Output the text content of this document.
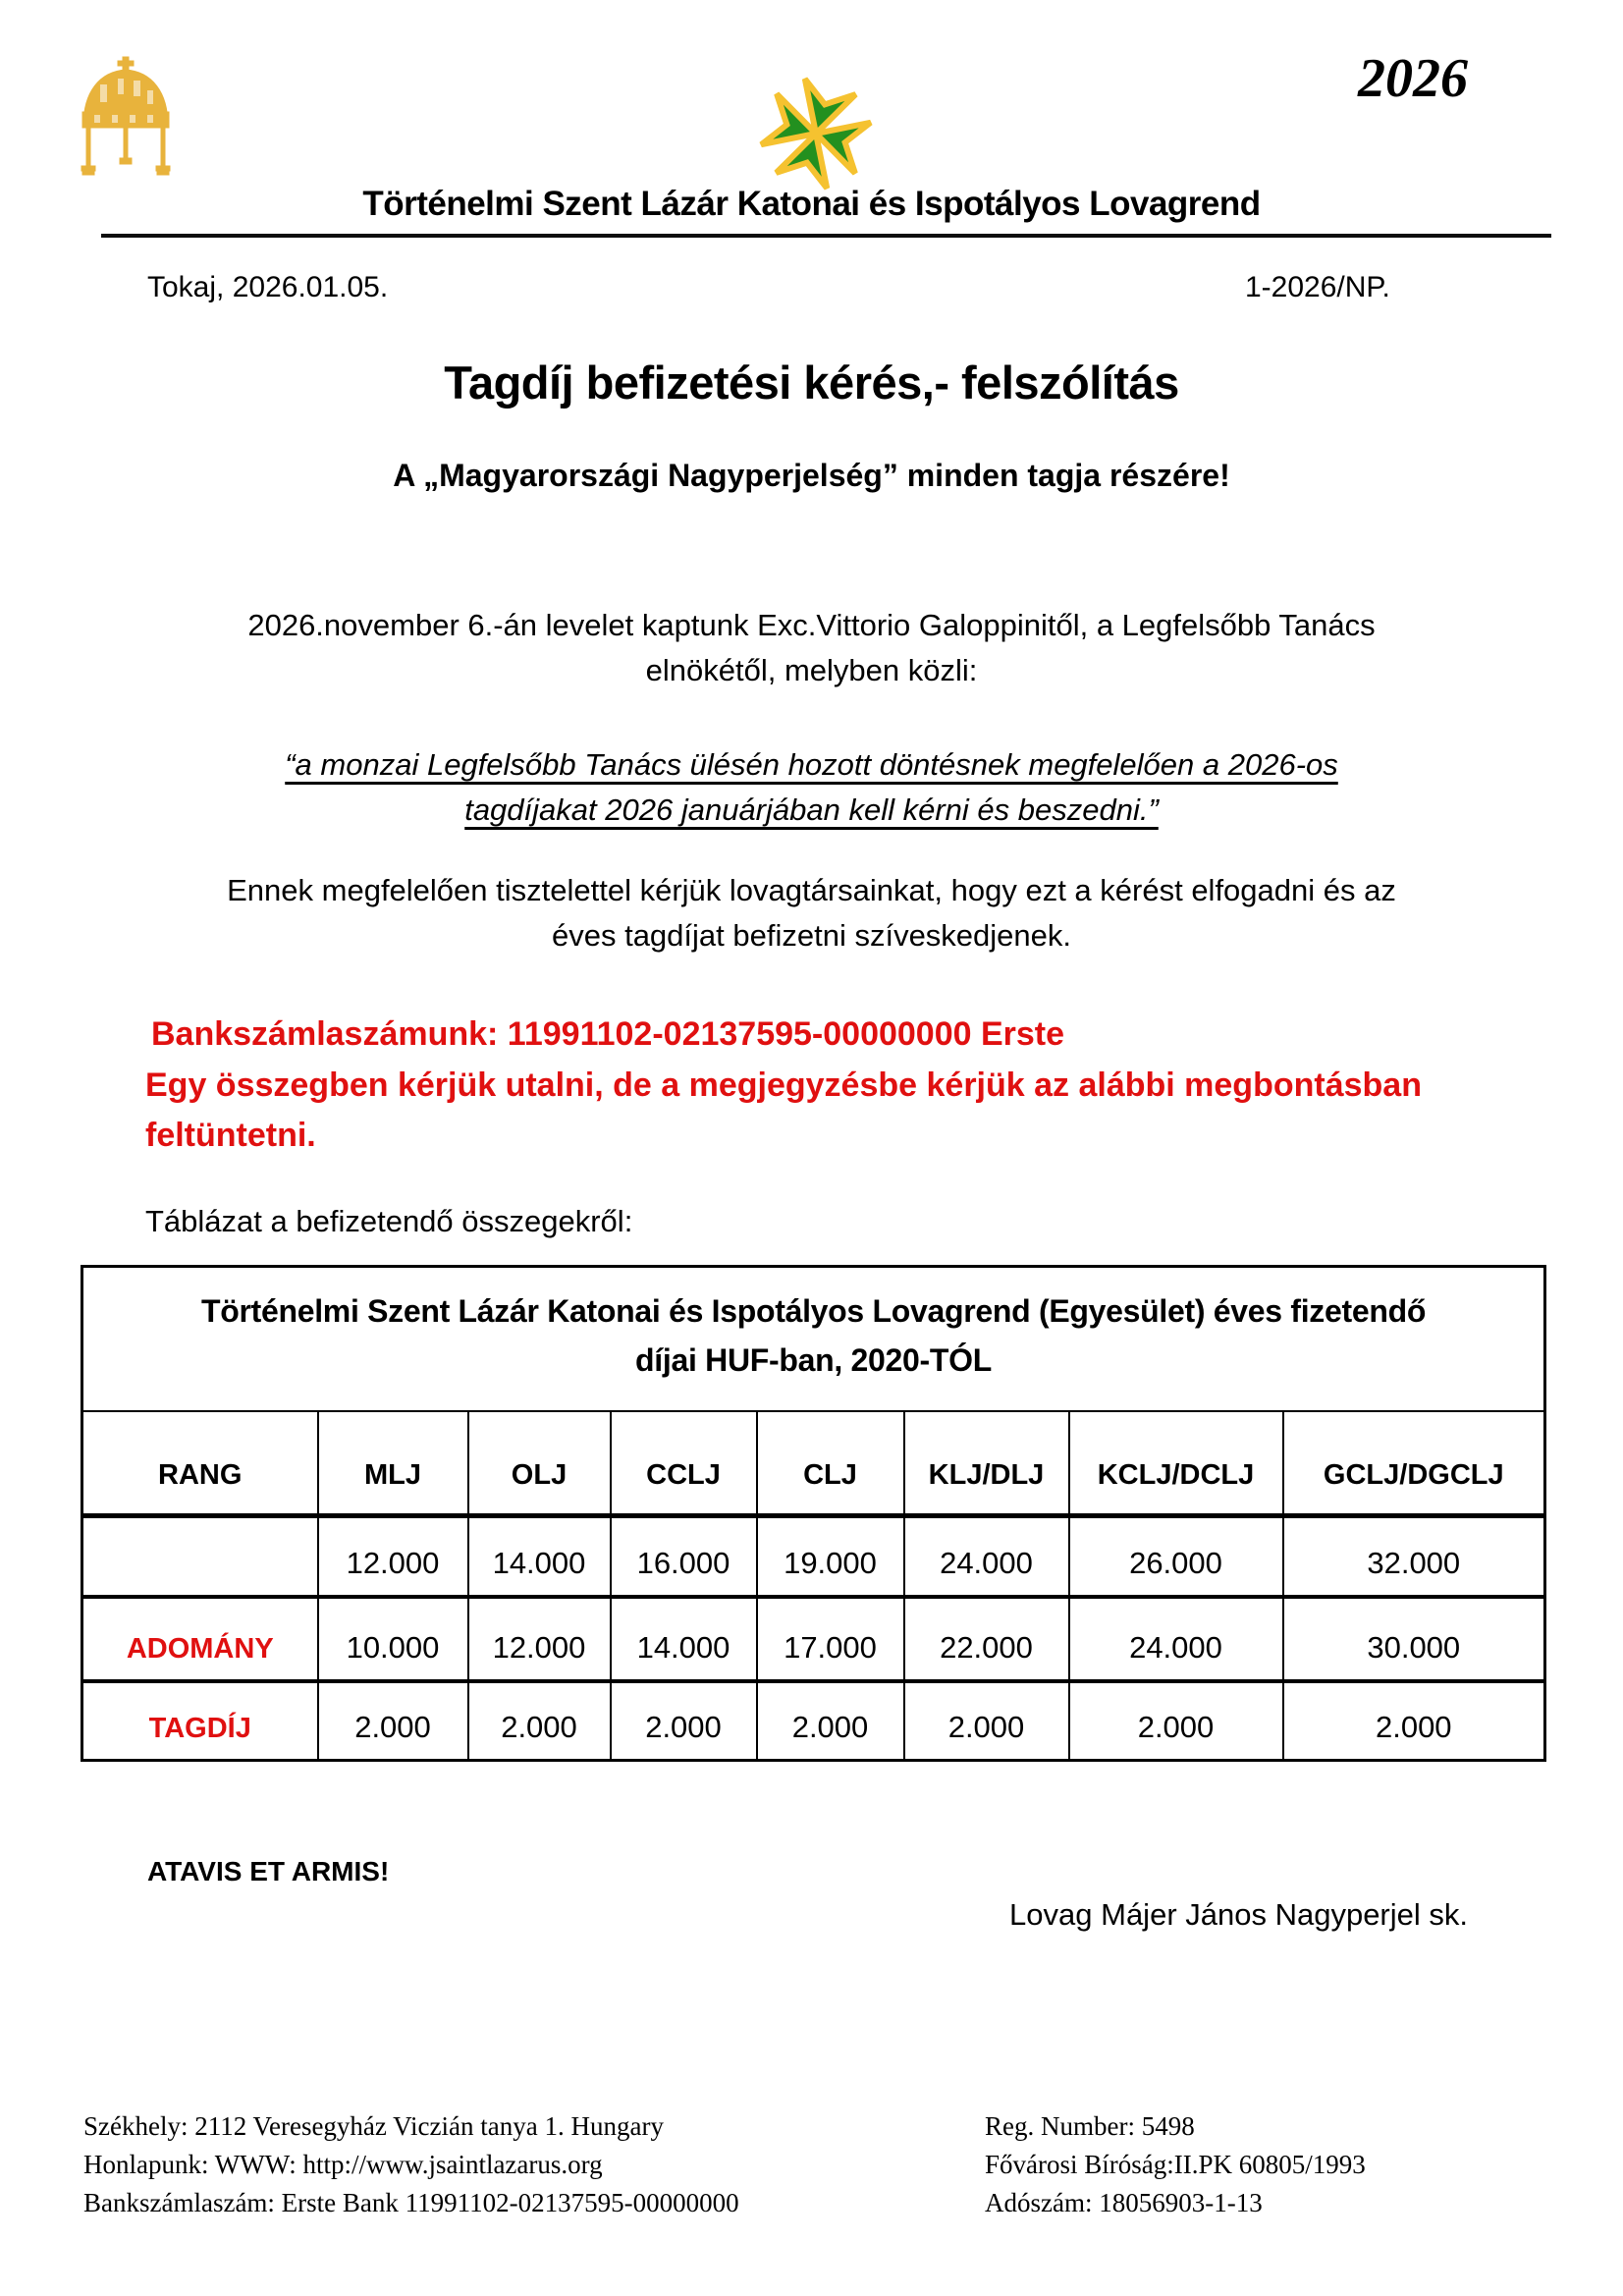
2026
Történelmi Szent Lázár Katonai és Ispotályos Lovagrend
Tokaj, 2026.01.05.	1-2026/NP.
Tagdíj befizetési kérés,- felszólítás
A „Magyarországi Nagyperjelség” minden tagja részére!
2026.november 6.-án levelet kaptunk Exc.Vittorio Galoppinitől, a Legfelsőbb Tanács elnökétől, melyben közli:
“a monzai Legfelsőbb Tanács ülésén hozott döntésnek megfelelően a 2026-os tagdíjakat 2026 januárjában kell kérni és beszedni.”
Ennek megfelelően tisztelettel kérjük lovagtársainkat, hogy ezt a kérést elfogadni és az éves tagdíjat befizetni szíveskedjenek.
Bankszámlaszámunk: 11991102-02137595-00000000 Erste
Egy összegben kérjük utalni, de a megjegyzésbe kérjük az alábbi megbontásban feltüntetni.
Táblázat a befizetendő összegekről:
Történelmi Szent Lázár Katonai és Ispotályos Lovagrend (Egyesület) éves fizetendő díjai HUF-ban, 2020-TÓL							
RANG	MLJ	OLJ	CCLJ	CLJ	KLJ/DLJ	KCLJ/DCLJ	GCLJ/DGCLJ
	12.000	14.000	16.000	19.000	24.000	26.000	32.000
ADOMÁNY	10.000	12.000	14.000	17.000	22.000	24.000	30.000
TAGDÍJ	2.000	2.000	2.000	2.000	2.000	2.000	2.000
ATAVIS ET ARMIS!
Lovag Májer János Nagyperjel sk.
Székhely: 2112 Veresegyház Viczián tanya 1. Hungary
Honlapunk: WWW: http://www.jsaintlazarus.org
Bankszámlaszám: Erste Bank 11991102-02137595-00000000
Reg. Number: 5498
Fővárosi Bíróság:II.PK 60805/1993
Adószám: 18056903-1-13
